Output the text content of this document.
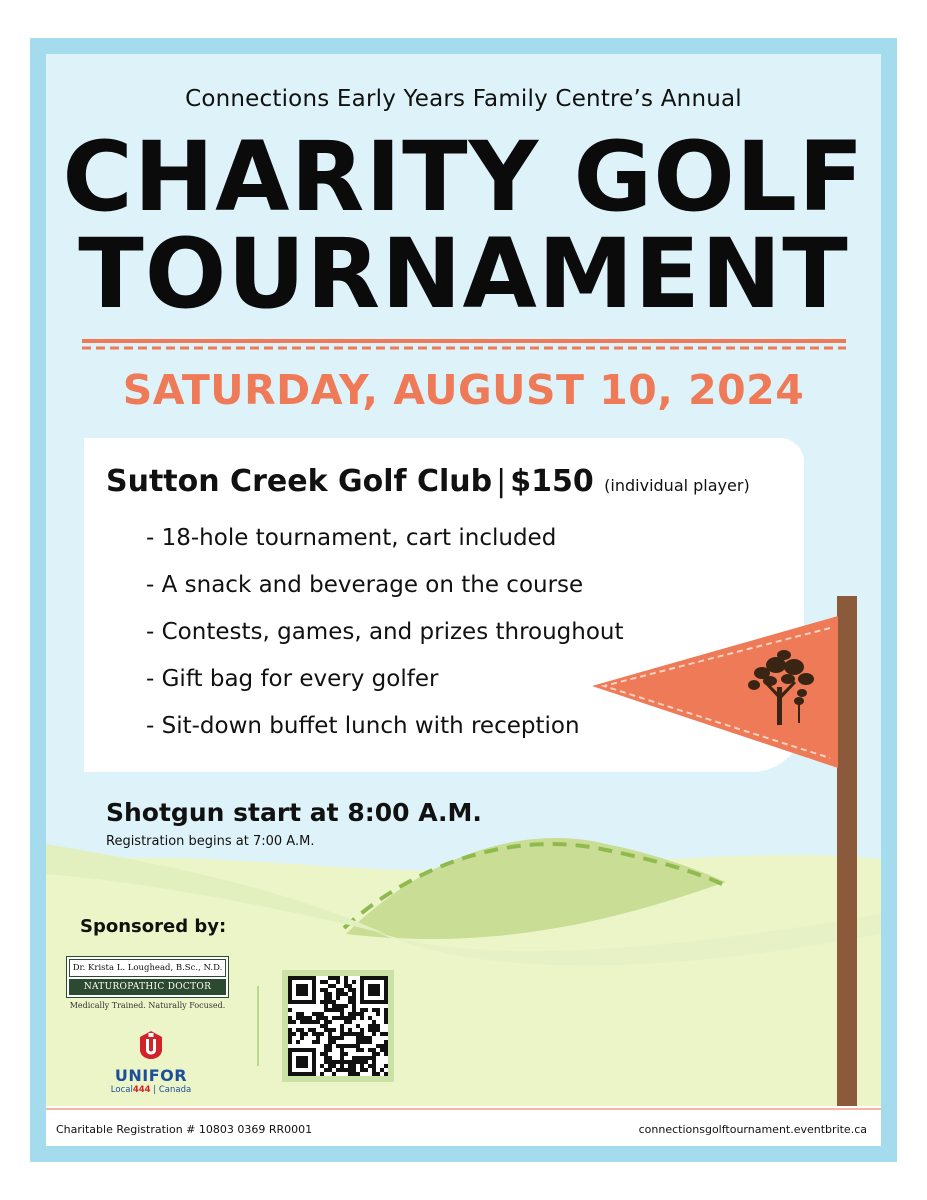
Connections Early Years Family Centre’s Annual
CHARITY GOLF
TOURNAMENT
SATURDAY, AUGUST 10, 2024
Sutton Creek Golf Club | $150 (individual player)
- 18-hole tournament, cart included
- A snack and beverage on the course
- Contests, games, and prizes throughout
- Gift bag for every golfer
- Sit-down buffet lunch with reception
Shotgun start at 8:00 A.M.
Registration begins at 7:00 A.M.
Sponsored by:
Dr. Krista L. Loughead, B.Sc., N.D.
NATUROPATHIC DOCTOR
Medically Trained. Naturally Focused.
UNIFOR
Local444 | Canada
Charitable Registration # 10803 0369 RR0001	connectionsgolftournament.eventbrite.ca
